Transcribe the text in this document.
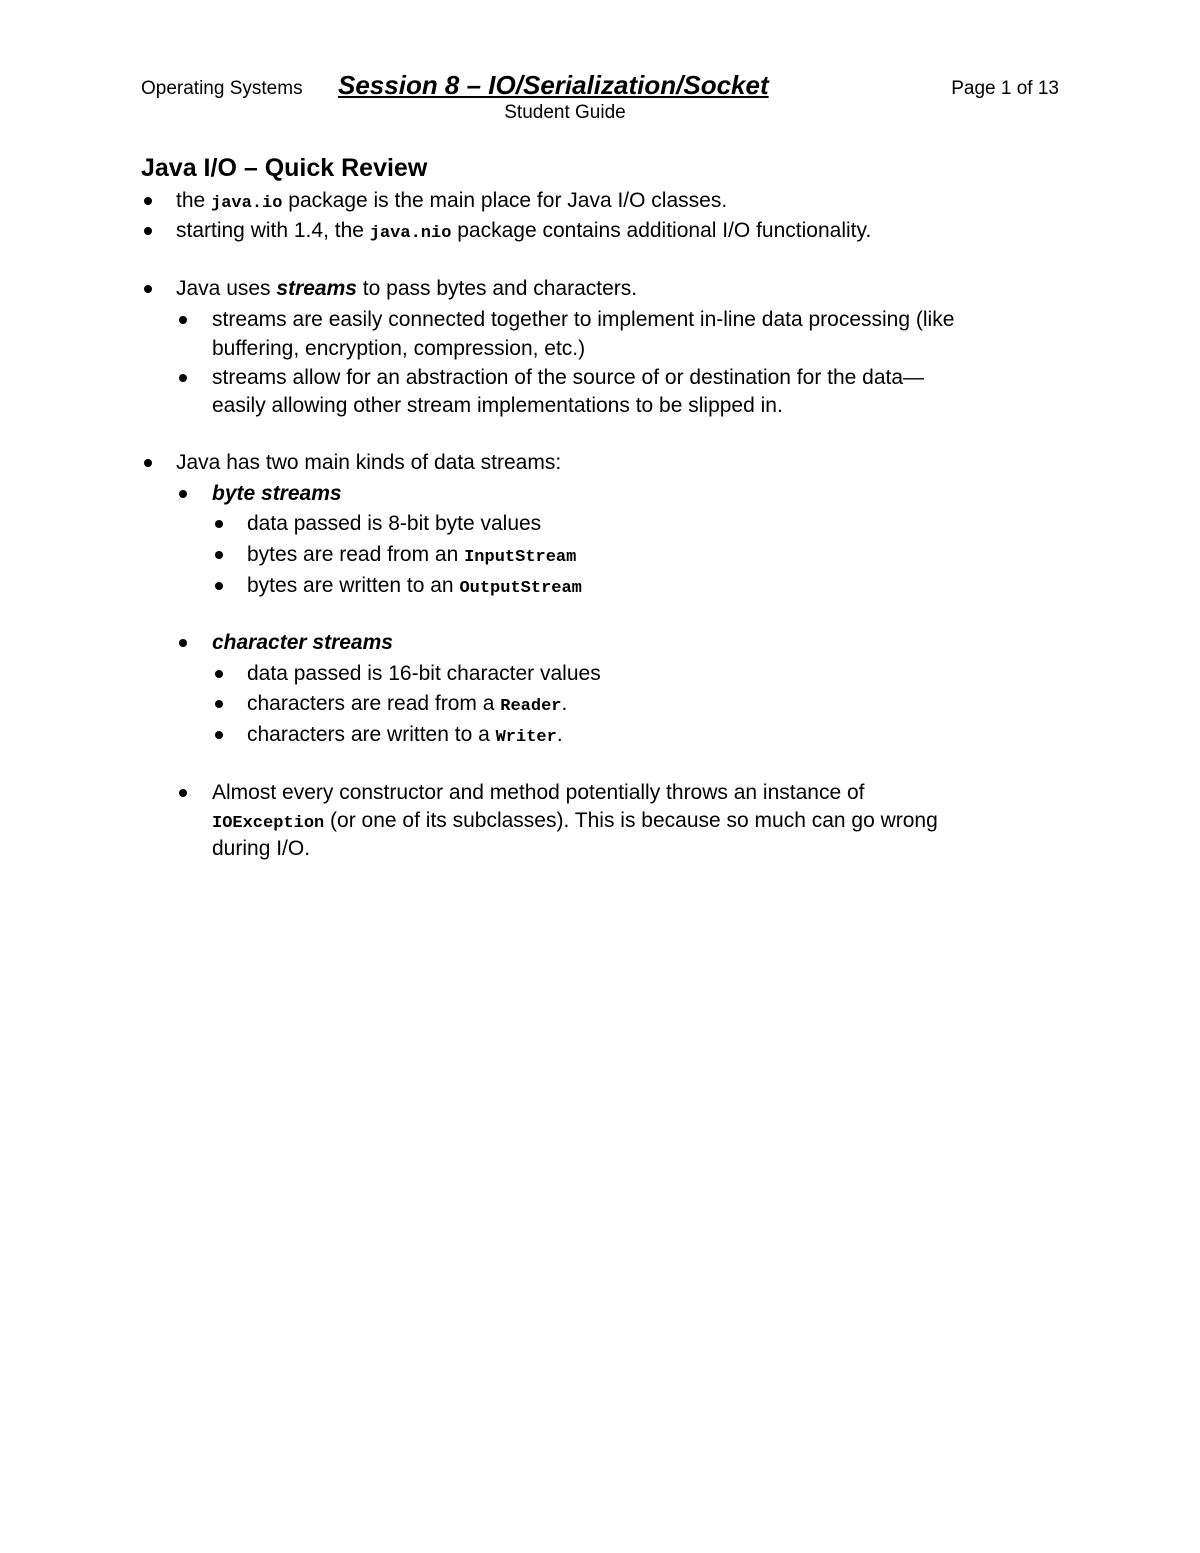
Operating Systems Session 8 – IO/Serialization/Socket	Page 1 of 13
Student Guide
Java I/O – Quick Review
the java.io package is the main place for Java I/O classes.
starting with 1.4, the java.nio package contains additional I/O functionality.
Java uses streams to pass bytes and characters.
streams are easily connected together to implement in-line data processing (like
buffering, encryption, compression, etc.)
streams allow for an abstraction of the source of or destination for the data—
easily allowing other stream implementations to be slipped in.
Java has two main kinds of data streams:
byte streams
data passed is 8-bit byte values
bytes are read from an InputStream
bytes are written to an OutputStream
character streams
data passed is 16-bit character values
characters are read from a Reader.
characters are written to a Writer.
Almost every constructor and method potentially throws an instance of
IOException (or one of its subclasses). This is because so much can go wrong
during I/O.
